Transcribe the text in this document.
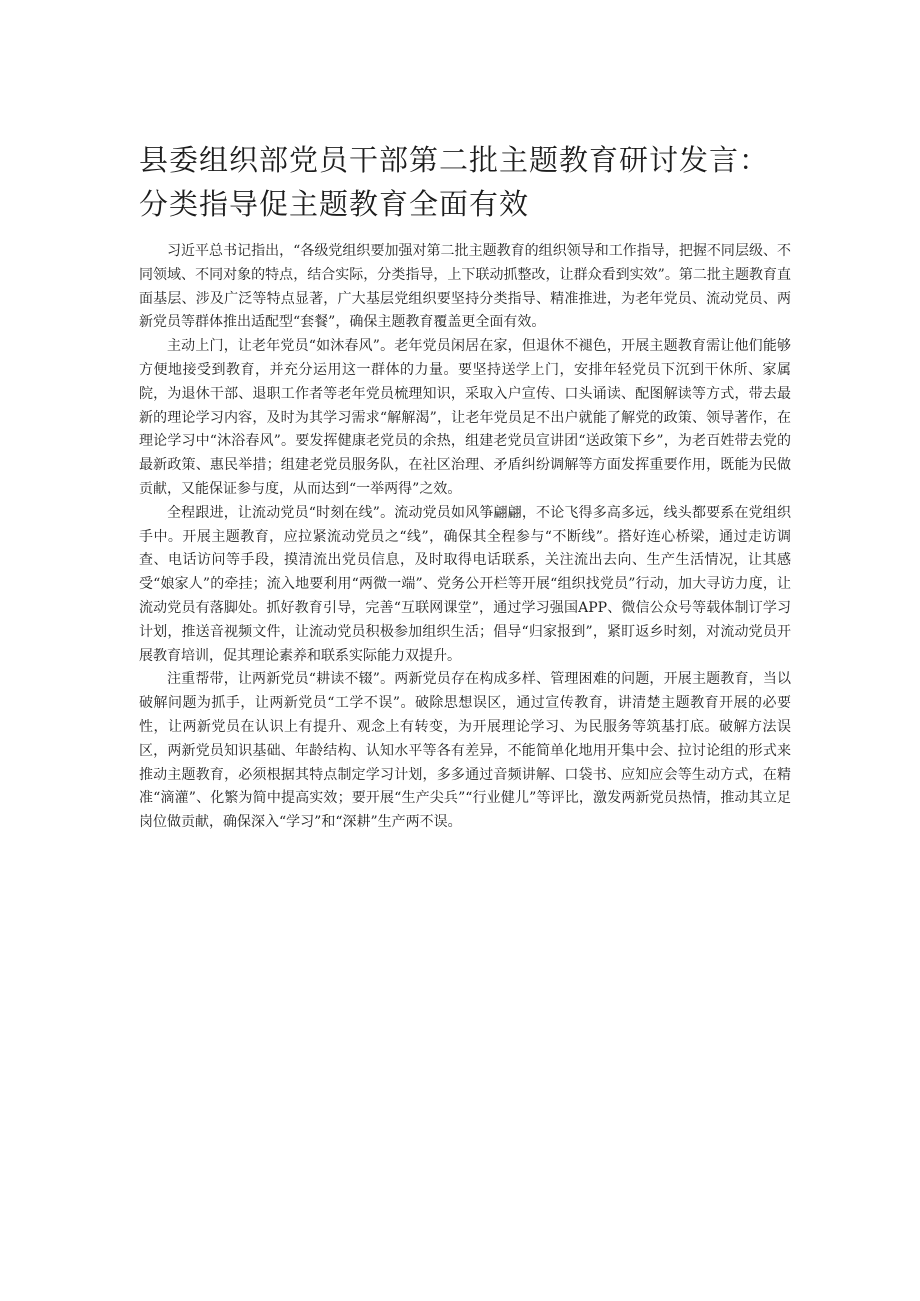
县委组织部党员干部第二批主题教育研讨发言：分类指导促主题教育全面有效

习近平总书记指出，“各级党组织要加强对第二批主题教育的组织领导和工作指导，把握不同层级、不同领域、不同对象的特点，结合实际，分类指导，上下联动抓整改，让群众看到实效”。第二批主题教育直面基层、涉及广泛等特点显著，广大基层党组织要坚持分类指导、精准推进，为老年党员、流动党员、两新党员等群体推出适配型“套餐”，确保主题教育覆盖更全面有效。

主动上门，让老年党员“如沐春风”。老年党员闲居在家，但退休不褪色，开展主题教育需让他们能够方便地接受到教育，并充分运用这一群体的力量。要坚持送学上门，安排年轻党员下沉到干休所、家属院，为退休干部、退职工作者等老年党员梳理知识，采取入户宣传、口头诵读、配图解读等方式，带去最新的理论学习内容，及时为其学习需求“解解渴”，让老年党员足不出户就能了解党的政策、领导著作，在理论学习中“沐浴春风”。要发挥健康老党员的余热，组建老党员宣讲团“送政策下乡”，为老百姓带去党的最新政策、惠民举措；组建老党员服务队，在社区治理、矛盾纠纷调解等方面发挥重要作用，既能为民做贡献，又能保证参与度，从而达到“一举两得”之效。

全程跟进，让流动党员“时刻在线”。流动党员如风筝翩翩，不论飞得多高多远，线头都要系在党组织手中。开展主题教育，应拉紧流动党员之“线”，确保其全程参与“不断线”。搭好连心桥梁，通过走访调查、电话访问等手段，摸清流出党员信息，及时取得电话联系，关注流出去向、生产生活情况，让其感受“娘家人”的牵挂；流入地要利用“两微一端”、党务公开栏等开展“组织找党员”行动，加大寻访力度，让流动党员有落脚处。抓好教育引导，完善“互联网课堂”，通过学习强国APP、微信公众号等载体制订学习计划，推送音视频文件，让流动党员积极参加组织生活；倡导“归家报到”，紧盯返乡时刻，对流动党员开展教育培训，促其理论素养和联系实际能力双提升。

注重帮带，让两新党员“耕读不辍”。两新党员存在构成多样、管理困难的问题，开展主题教育，当以破解问题为抓手，让两新党员“工学不误”。破除思想误区，通过宣传教育，讲清楚主题教育开展的必要性，让两新党员在认识上有提升、观念上有转变，为开展理论学习、为民服务等筑基打底。破解方法误区，两新党员知识基础、年龄结构、认知水平等各有差异，不能简单化地用开集中会、拉讨论组的形式来推动主题教育，必须根据其特点制定学习计划，多多通过音频讲解、口袋书、应知应会等生动方式，在精准“滴灌”、化繁为简中提高实效；要开展“生产尖兵”“行业健儿”等评比，激发两新党员热情，推动其立足岗位做贡献，确保深入“学习”和“深耕”生产两不误。
